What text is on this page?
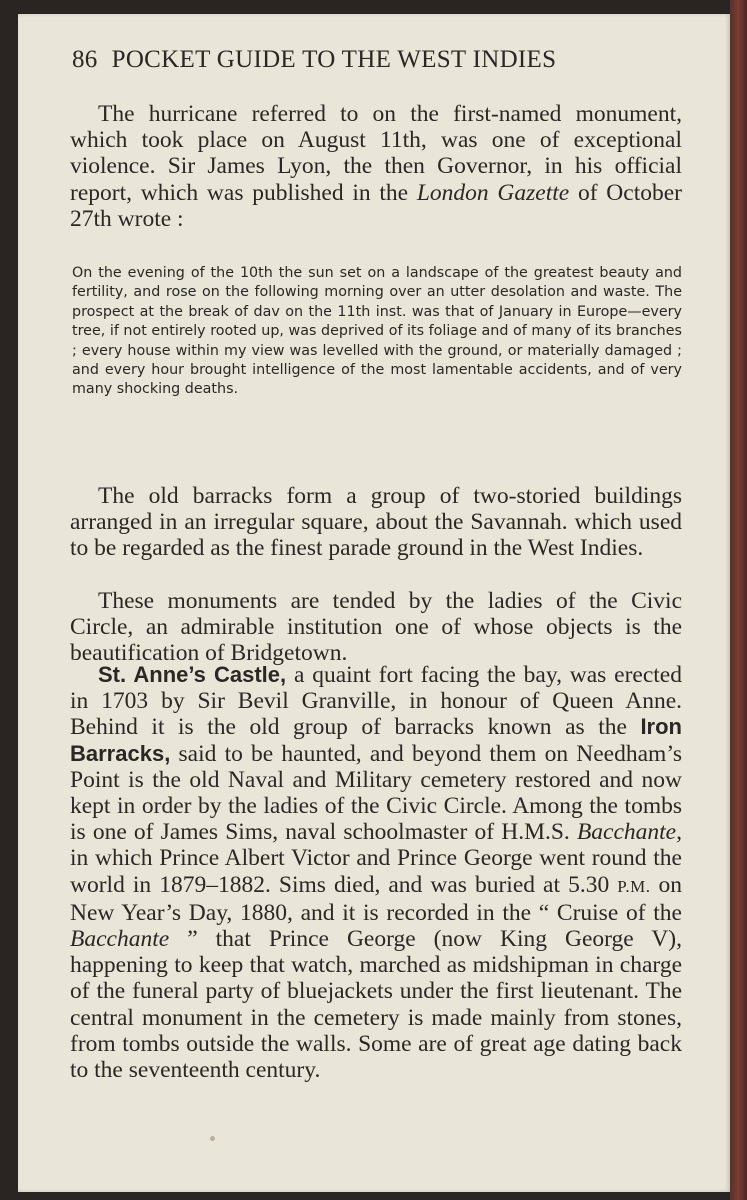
86 POCKET GUIDE TO THE WEST INDIES

The hurricane referred to on the first-named monument, which took place on August 11th, was one of exceptional violence. Sir James Lyon, the then Governor, in his official report, which was published in the London Gazette of October 27th wrote :

On the evening of the 10th the sun set on a landscape of the greatest beauty and fertility, and rose on the following morning over an utter desolation and waste. The prospect at the break of dav on the 11th inst. was that of January in Europe—every tree, if not entirely rooted up, was deprived of its foliage and of many of its branches ; every house within my view was levelled with the ground, or materially damaged ; and every hour brought intelligence of the most lamentable accidents, and of very many shocking deaths.

The old barracks form a group of two-storied buildings arranged in an irregular square, about the Savannah. which used to be regarded as the finest parade ground in the West Indies.

These monuments are tended by the ladies of the Civic Circle, an admirable institution one of whose objects is the beautification of Bridgetown.

St. Anne’s Castle, a quaint fort facing the bay, was erected in 1703 by Sir Bevil Granville, in honour of Queen Anne. Behind it is the old group of barracks known as the Iron Barracks, said to be haunted, and beyond them on Needham’s Point is the old Naval and Military cemetery restored and now kept in order by the ladies of the Civic Circle. Among the tombs is one of James Sims, naval schoolmaster of H.M.S. Bacchante, in which Prince Albert Victor and Prince George went round the world in 1879–1882. Sims died, and was buried at 5.30 P.M. on New Year’s Day, 1880, and it is recorded in the “ Cruise of the Bacchante ” that Prince George (now King George V), happening to keep that watch, marched as midshipman in charge of the funeral party of bluejackets under the first lieutenant. The central monument in the cemetery is made mainly from stones, from tombs outside the walls. Some are of great age dating back to the seventeenth century.
